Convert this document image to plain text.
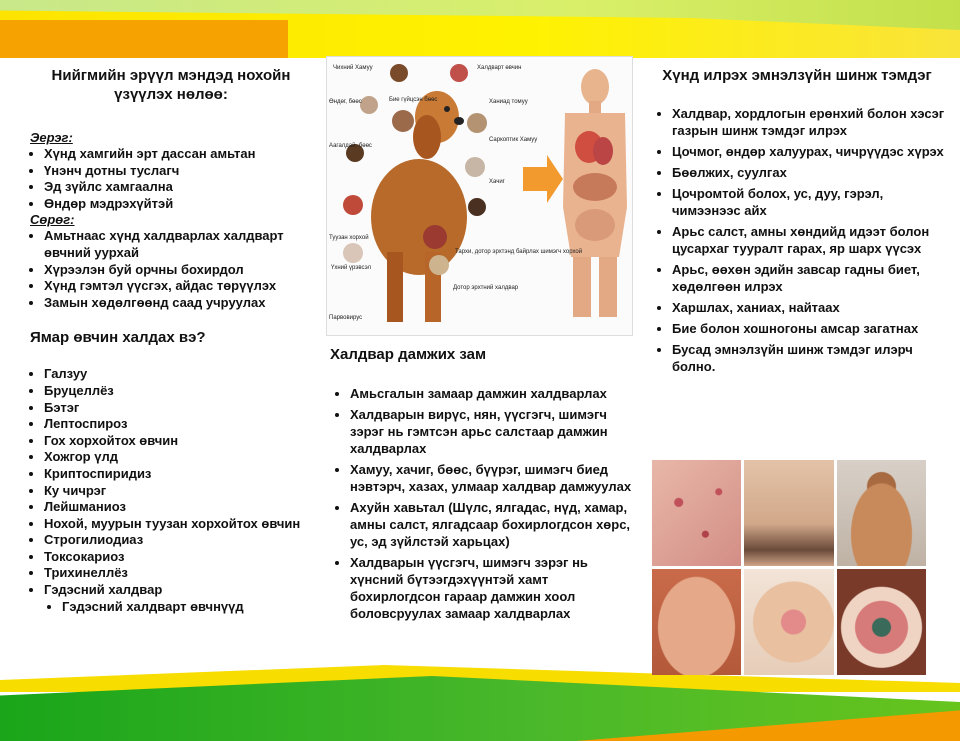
Нийгмийн эрүүл мэндэд нохойн үзүүлэх нөлөө:

Эерэг:
• Хүнд хамгийн эрт дассан амьтан
• Үнэнч дотны туслагч
• Эд зүйлс хамгаална
• Өндөр мэдрэхүйтэй
Сөрөг:
• Амьтнаас хүнд халдварлах халдварт өвчний уурхай
• Хүрээлэн буй орчны бохирдол
• Хүнд гэмтэл үүсгэх, айдас төрүүлэх
• Замын хөдөлгөөнд саад учруулах

Ямар өвчин халдах вэ?

• Галзуу
• Бруцеллёз
• Бэтэг
• Лептоспироз
• Гох хорхойтох өвчин
• Хожгор үлд
• Криптоспиридиз
• Ку чичрэг
• Лейшманиоз
• Нохой, муурын туузан хорхойтох өвчин
• Строгилиодиаз
• Токсокариоз
• Трихинеллёз
• Гэдэсний халдвар
• Гэдэсний халдварт өвчнүүд
Чихний Хамуу
Өндөг, бөөс	Бие гүйцсэн бөөс
Аагалдай, бөөс
Туузан хорхой
Үхний үрэвсэл
Парвовирус
Халдварт өвчин
Ханиад томуу
Саркоптик Хамуу
Хачиг
Тархи, дотор эрхтэнд байрлах шимэгч хорхой
Дотор эрхтний халдвар

Халдвар дамжих зам

• Амьсгалын замаар дамжин халдварлах
• Халдварын вирүс, нян, үүсгэгч, шимэгч зэрэг нь гэмтсэн арьс салстаар дамжин халдварлах
• Хамуу, хачиг, бөөс, бүүрэг, шимэгч биед нэвтэрч, хазах, улмаар халдвар дамжуулах
• Ахуйн хавьтал (Шүлс, ялгадас, нүд, хамар, амны салст, ялгадсаар бохирлогдсон хөрс, ус, эд зүйлстэй харьцах)
• Халдварын үүсгэгч, шимэгч зэрэг нь хүнсний бүтээгдэхүүнтэй хамт бохирлогдсон гараар дамжин хоол боловсруулах замаар халдварлах

Хүнд илрэх эмнэлзүйн шинж тэмдэг

• Халдвар, хордлогын ерөнхий болон хэсэг газрын шинж тэмдэг илрэх
• Цочмог, өндөр халуурах, чичрүүдэс хүрэх
• Бөөлжих, суулгах
• Цочромтой болох, ус, дуу, гэрэл, чимээнээс айх
• Арьс салст, амны хөндийд идээт болон цусархаг тууралт гарах, яр шарх үүсэх
• Арьс, өөхөн эдийн завсар гадны биет, хөдөлгөөн илрэх
• Харшлах, ханиах, найтаах
• Бие болон хошногоны амсар загатнах
• Бусад эмнэлзүйн шинж тэмдэг илэрч болно.
